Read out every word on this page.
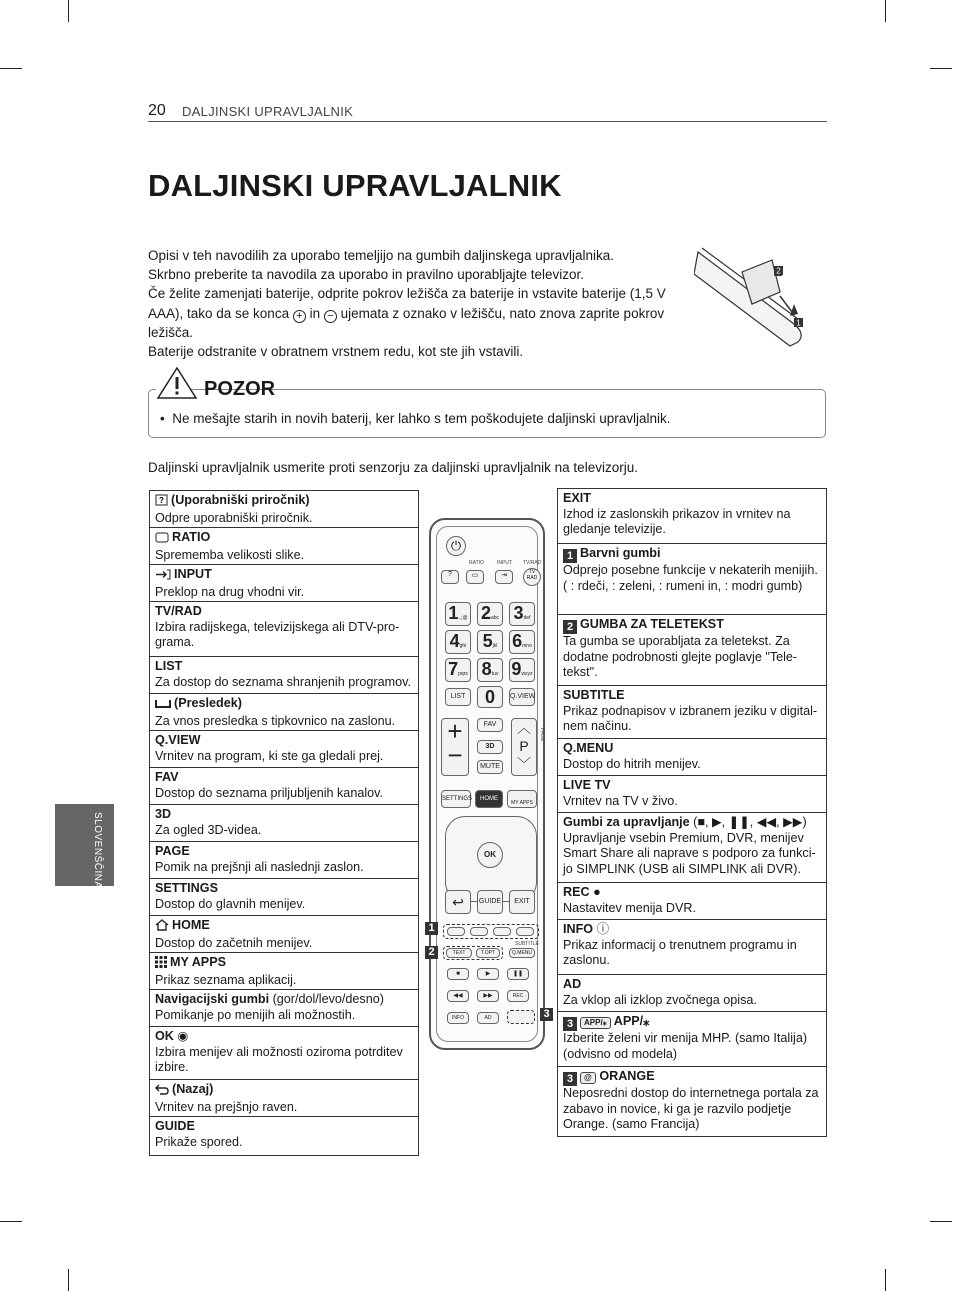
20 DALJINSKI UPRAVLJALNIK
DALJINSKI UPRAVLJALNIK

Opisi v teh navodilih za uporabo temeljijo na gumbih daljinskega upravljalnika.

Skrbno preberite ta navodila za uporabo in pravilno uporabljajte televizor.

Če želite zamenjati baterije, odprite pokrov ležišča za baterije in vstavite baterije (1,5 V

AAA), tako da se konca + in − ujemata z oznako v ležišču, nato znova zaprite pokrov

ležišča.

Baterije odstranite v obratnem vrstnem redu, kot ste jih vstavili.

2
1
POZOR
• Ne mešajte starih in novih baterij, ker lahko s tem poškodujete daljinski upravljalnik.
Daljinski upravljalnik usmerite proti senzorju za daljinski upravljalnik na televizorju.
? (Uporabniški priročnik)
Odpre uporabniški priročnik.
RATIO
Sprememba velikosti slike.
INPUT
Preklop na drug vhodni vir.
TV/RAD
Izbira radijskega, televizijskega ali DTV-pro-grama.
LIST
Za dostop do seznama shranjenih programov.
(Presledek)
Za vnos presledka s tipkovnico na zaslonu.
Q.VIEW
Vrnitev na program, ki ste ga gledali prej.
FAV
Dostop do seznama priljubljenih kanalov.
3D
Za ogled 3D-videa.
PAGE
Pomik na prejšnji ali naslednji zaslon.
SETTINGS
Dostop do glavnih menijev.
HOME
Dostop do začetnih menijev.
MY APPS
Prikaz seznama aplikacij.
Navigacijski gumbi (gor/dol/levo/desno)
Pomikanje po menijih ali možnostih.
OK ◉
Izbira menijev ali možnosti oziroma potrditev izbire.
(Nazaj)
Vrnitev na prejšnjo raven.
GUIDE
Prikaže spored.
⏻
RATIO	INPUT TV/RAD
?	▭	⇥	TV
RAD
1.,;@ 2abc 3def
4ghi 5jkl 6mno
7pqrs 8tuv 9wxyz
LIST	0	Q.VIEW
+
−
FAV
3D
MUTE
︿
P
﹀
PAGE
SETTINGS	HOME
MY APPS
OK
↩	GUIDE	EXIT
SUBTITLE
TEXT	T.OPT	Q.MENU
■	▶	❚❚
◀◀	▶▶	REC
INFO	AD
1
2
3
EXIT
Izhod iz zaslonskih prikazov in vrnitev na gledanje televizije.
1 Barvni gumbi
Odprejo posebne funkcije v nekaterih menijih. ( : rdeči, : zeleni, : rumeni in, : modri gumb)
2 GUMBA ZA TELETEKST
Ta gumba se uporabljata za teletekst. Za dodatne podrobnosti glejte poglavje "Tele-tekst".
SUBTITLE
Prikaz podnapisov v izbranem jeziku v digital-nem načinu.
Q.MENU
Dostop do hitrih menijev.
LIVE TV
Vrnitev na TV v živo.
Gumbi za upravljanje (■, ▶, ❚❚, ◀◀, ▶▶)
Upravljanje vsebin Premium, DVR, menijev Smart Share ali naprave s podporo za funkci-jo SIMPLINK (USB ali SIMPLINK ali DVR).
REC ●
Nastavitev menija DVR.
INFO ⓘ
Prikaz informacij o trenutnem programu in zaslonu.
AD
Za vklop ali izklop zvočnega opisa.
3 APP/⁎ APP/⁎
Izberite želeni vir menija MHP. (samo Italija) (odvisno od modela)
3 @ ORANGE
Neposredni dostop do internetnega portala za zabavo in novice, ki ga je razvilo podjetje Orange. (samo Francija)
SLOVENŠČINA
